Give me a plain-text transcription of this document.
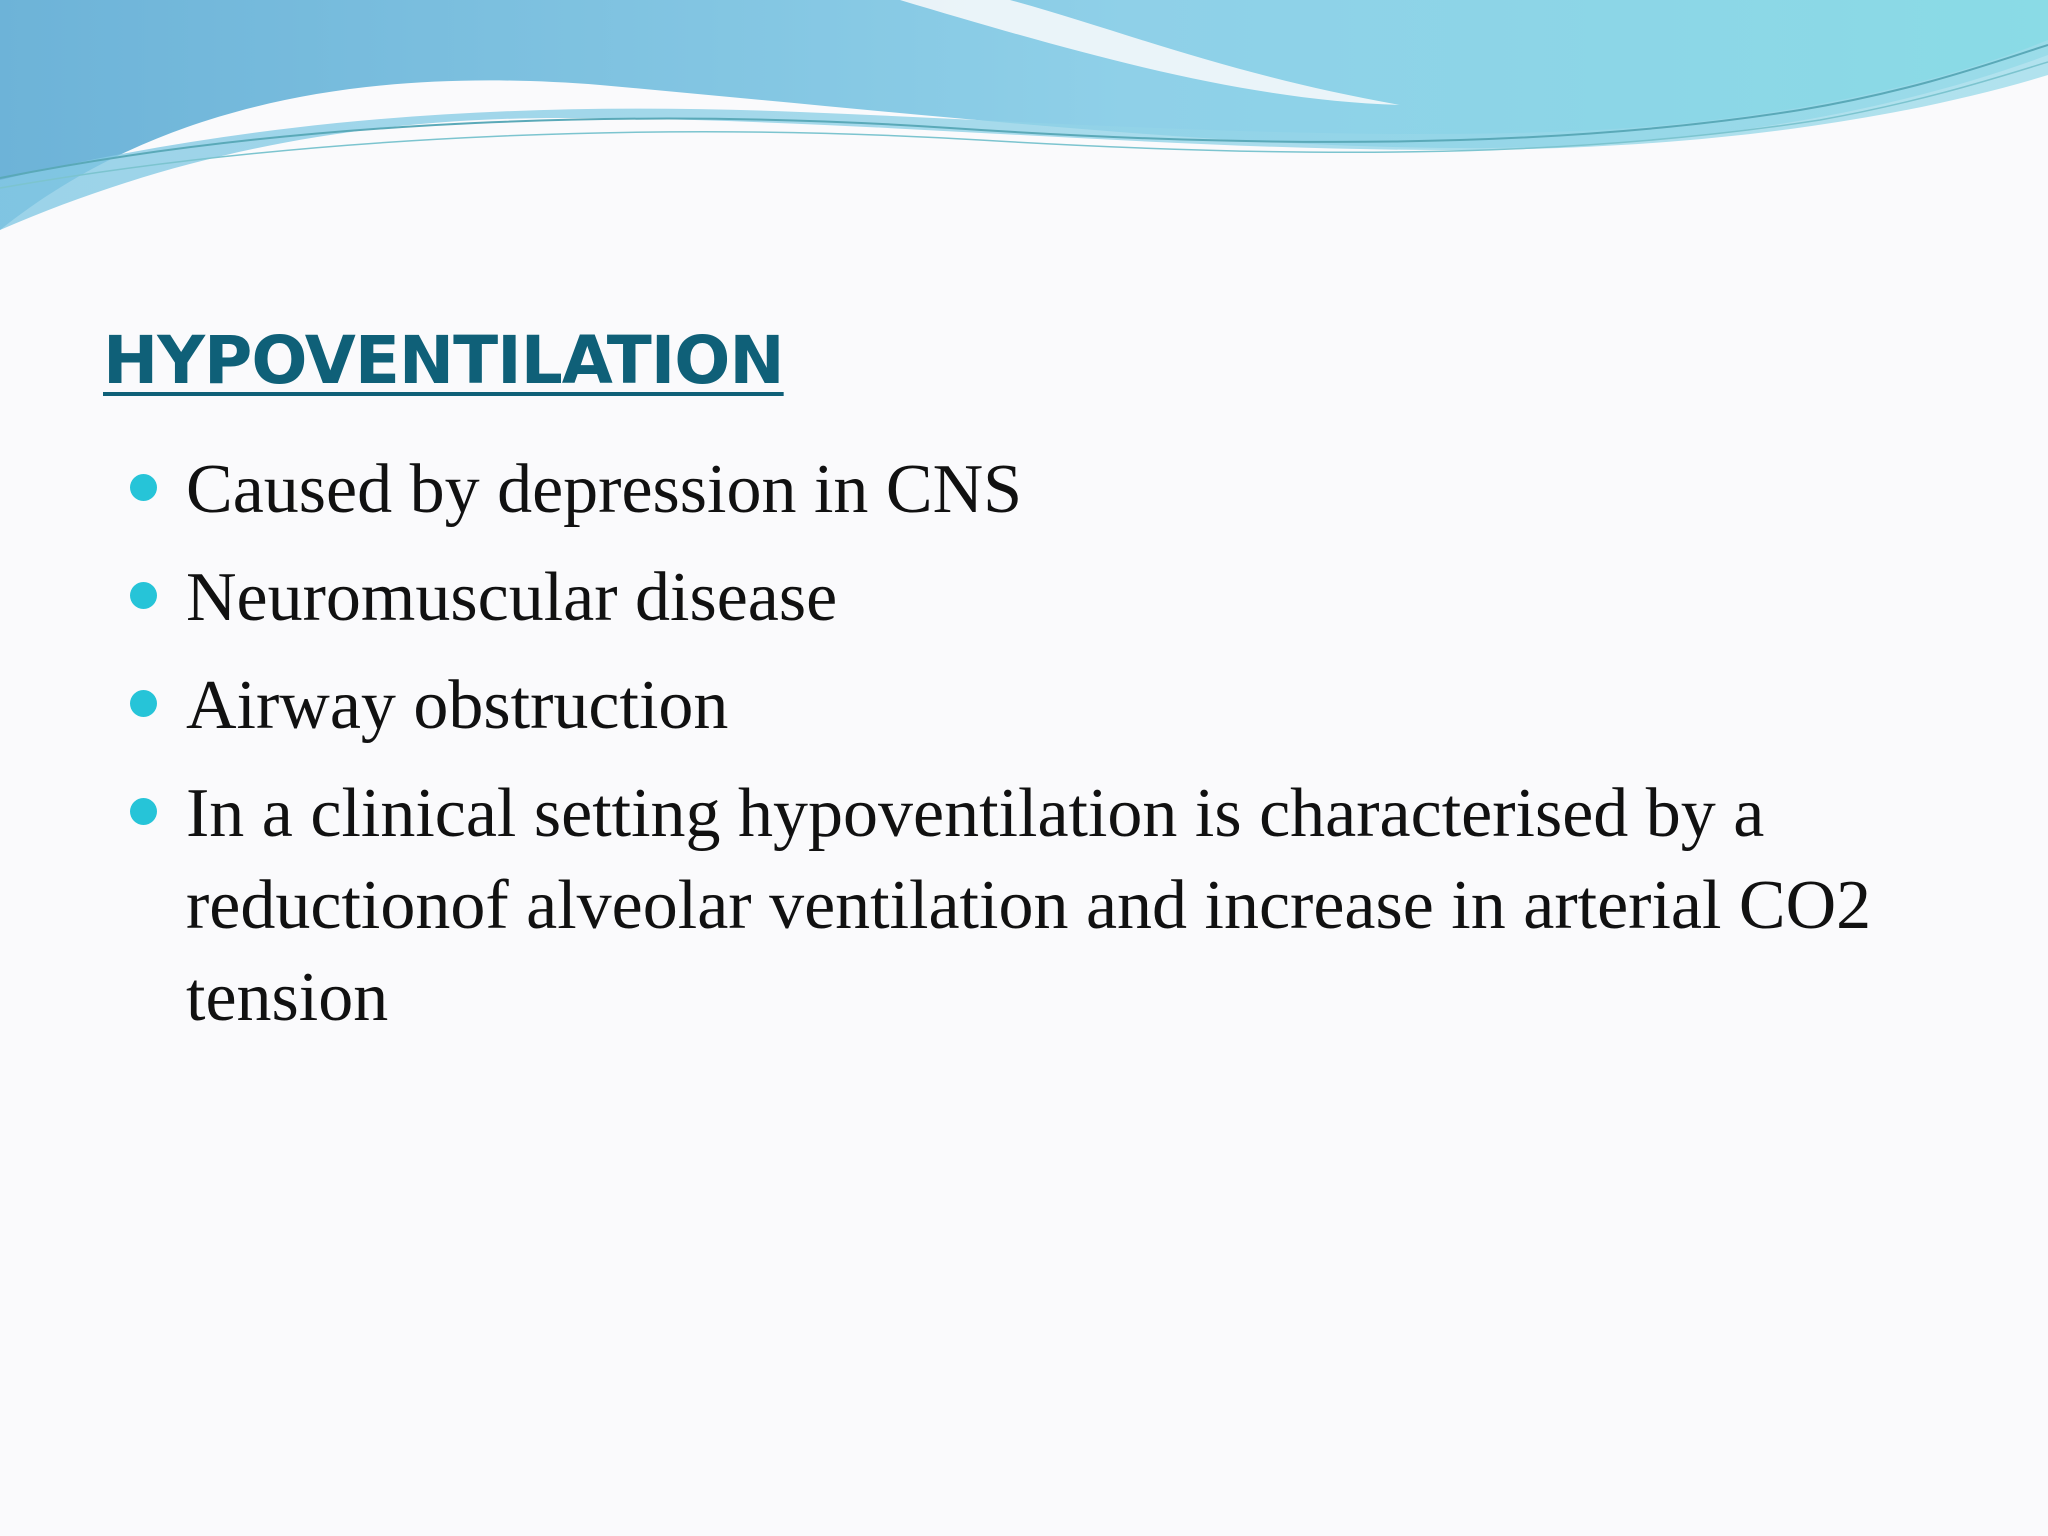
HYPOVENTILATION
Caused by depression in CNS
Neuromuscular disease
Airway obstruction
In a clinical setting hypoventilation is characterised by a reductionof alveolar ventilation and increase in arterial CO2 tension
